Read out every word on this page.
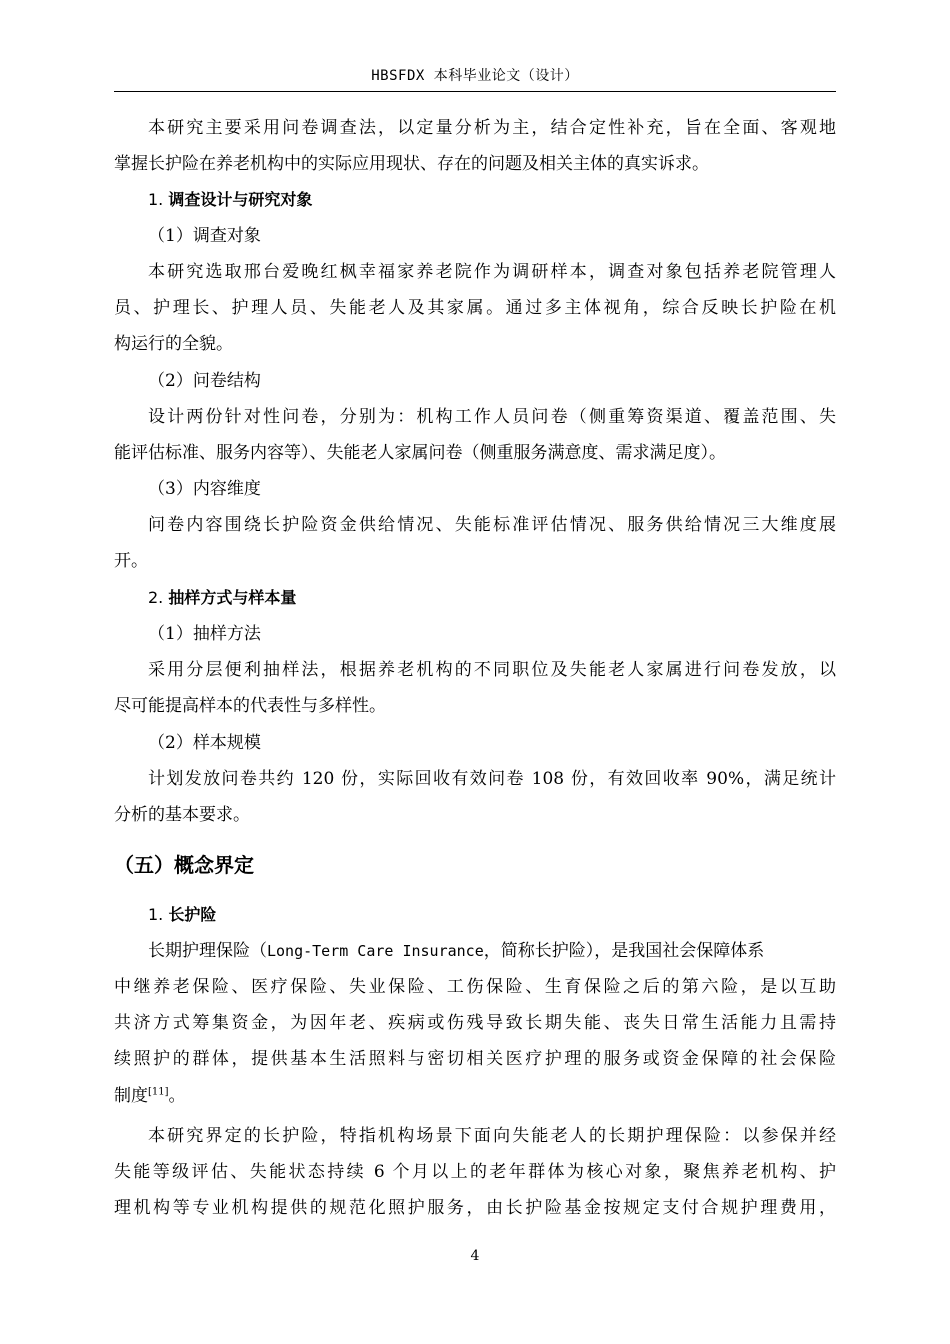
HBSFDX 本科毕业论文（设计）
本研究主要采用问卷调查法，以定量分析为主，结合定性补充，旨在全面、客观地
掌握长护险在养老机构中的实际应用现状、存在的问题及相关主体的真实诉求。
1. 调查设计与研究对象
（1）调查对象
本研究选取邢台爱晚红枫幸福家养老院作为调研样本，调查对象包括养老院管理人
员、护理长、护理人员、失能老人及其家属。通过多主体视角，综合反映长护险在机
构运行的全貌。
（2）问卷结构
设计两份针对性问卷，分别为：机构工作人员问卷（侧重筹资渠道、覆盖范围、失
能评估标准、服务内容等）、失能老人家属问卷（侧重服务满意度、需求满足度）。
（3）内容维度
问卷内容围绕长护险资金供给情况、失能标准评估情况、服务供给情况三大维度展
开。
2. 抽样方式与样本量
（1）抽样方法
采用分层便利抽样法，根据养老机构的不同职位及失能老人家属进行问卷发放，以
尽可能提高样本的代表性与多样性。
（2）样本规模
计划发放问卷共约 120 份，实际回收有效问卷 108 份，有效回收率 90%，满足统计
分析的基本要求。
（五）概念界定
1. 长护险
长期护理保险（Long-Term Care Insurance，简称长护险），是我国社会保障体系
中继养老保险、医疗保险、失业保险、工伤保险、生育保险之后的第六险，是以互助
共济方式筹集资金，为因年老、疾病或伤残导致长期失能、丧失日常生活能力且需持
续照护的群体，提供基本生活照料与密切相关医疗护理的服务或资金保障的社会保险
制度[11]。
本研究界定的长护险，特指机构场景下面向失能老人的长期护理保险：以参保并经
失能等级评估、失能状态持续 6 个月以上的老年群体为核心对象，聚焦养老机构、护
理机构等专业机构提供的规范化照护服务，由长护险基金按规定支付合规护理费用，
4
